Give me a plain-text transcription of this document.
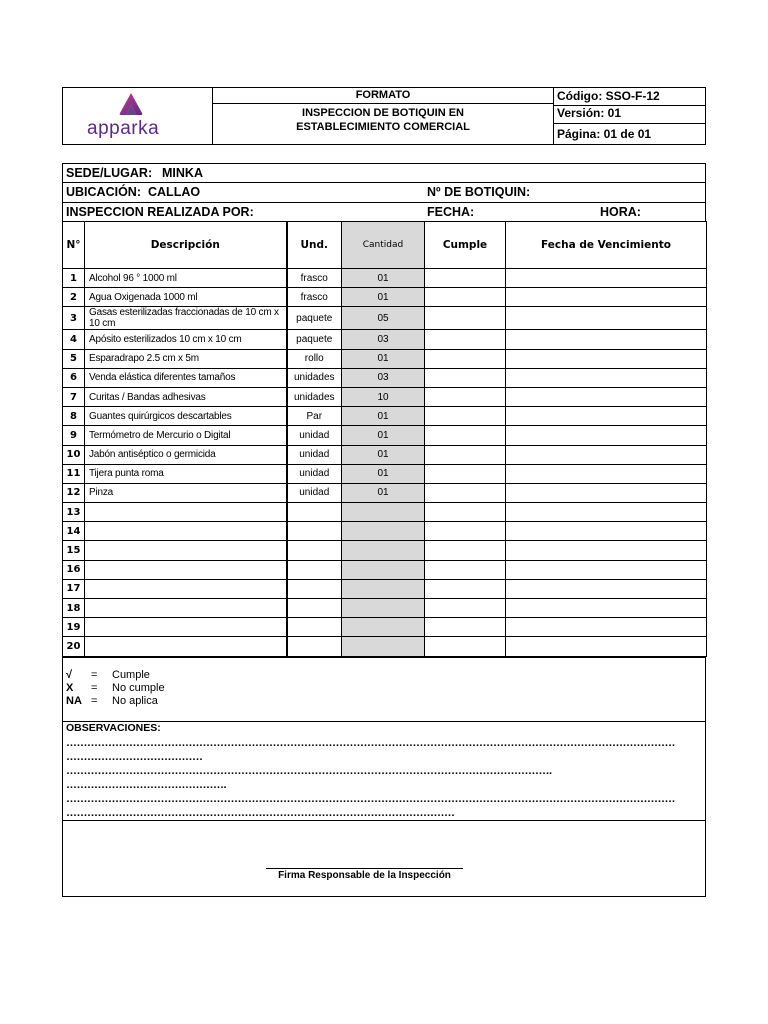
apparka
FORMATO
INSPECCION DE BOTIQUIN EN
ESTABLECIMIENTO COMERCIAL
Código: SSO-F-12
Versión: 01
Página: 01 de 01
SEDE/LUGAR: MINKA
UBICACIÓN: CALLAO	Nº DE BOTIQUIN:
INSPECCION REALIZADA POR:	FECHA:	HORA:
N°	Descripción	Und.	Cantidad	Cumple	Fecha de Vencimiento
1	Alcohol 96 ° 1000 ml	frasco	01		
2	Agua Oxigenada 1000 ml	frasco	01		
3	Gasas esterilizadas fraccionadas de 10 cm x 10 cm	paquete	05		
4	Apósito esterilizados 10 cm x 10 cm	paquete	03		
5	Esparadrapo 2.5 cm x 5m	rollo	01		
6	Venda elástica diferentes tamaños	unidades	03		
7	Curitas / Bandas adhesivas	unidades	10		
8	Guantes quirúrgicos descartables	Par	01		
9	Termómetro de Mercurio o Digital	unidad	01		
10	Jabón antiséptico o germicida	unidad	01		
11	Tijera punta roma	unidad	01		
12	Pinza	unidad	01		
13					
14					
15					
16					
17					
18					
19					
20					
√ = Cumple
X = No cumple
NA = No aplica
OBSERVACIONES:
…………………………………………………………………………………………………………………………………………………………
…………………………………
………………………………………………………………………………………………………………………….
……………………………………….
…………………………………………………………………………………………………………………………………………………………
…………………………………………………………………………………………………
Firma Responsable de la Inspección
